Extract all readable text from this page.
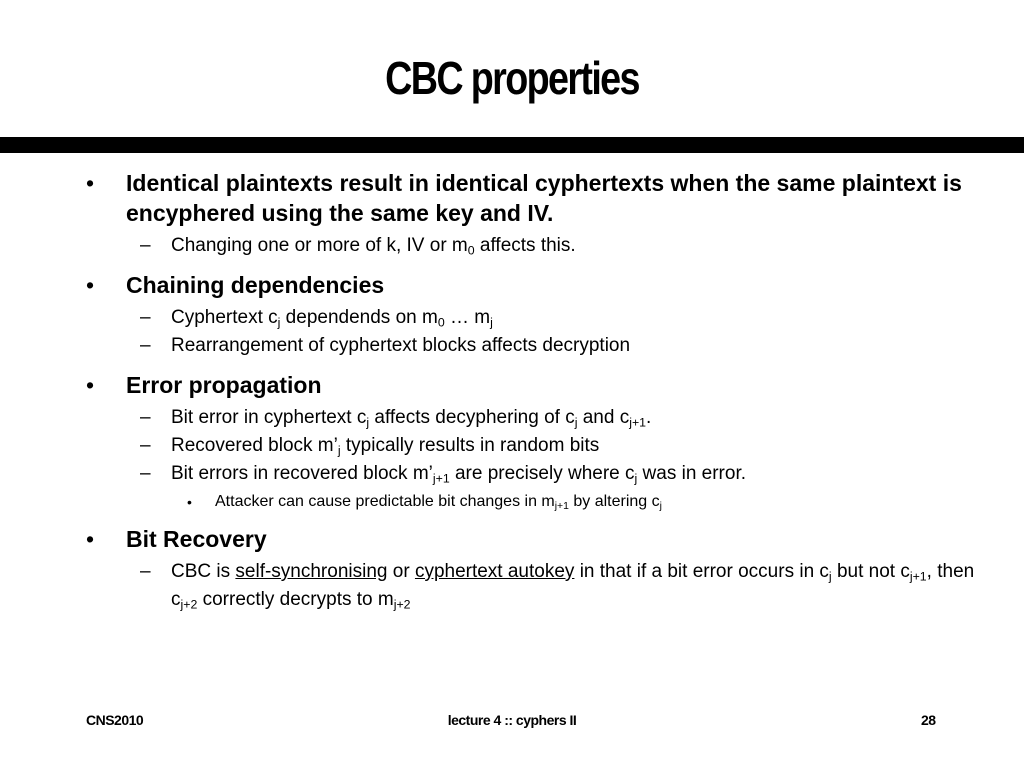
CBC properties
•	Identical plaintexts result in identical cyphertexts when the same plaintext is encyphered using the same key and IV.
– Changing one or more of k, IV or $m_0$ affects this.
•	Chaining dependencies
– Cyphertext $c_j$ dependends on $m_0$ … $m_j$
– Rearrangement of cyphertext blocks affects decryption
•	Error propagation
– Bit error in cyphertext $c_j$ affects decyphering of $c_j$ and $c_{j+1}$.
– Recovered block $m’_j$ typically results in random bits
– Bit errors in recovered block $m’_{j+1}$ are precisely where $c_j$ was in error.
• Attacker can cause predictable bit changes in $m_{j+1}$ by altering $c_j$
•	Bit Recovery
– CBC is self-synchronising or cyphertext autokey in that if a bit error occurs in $c_j$ but not $c_{j+1}$, then $c_{j+2}$ correctly decrypts to $m_{j+2}$
CNS2010	lecture 4 :: cyphers II	28
